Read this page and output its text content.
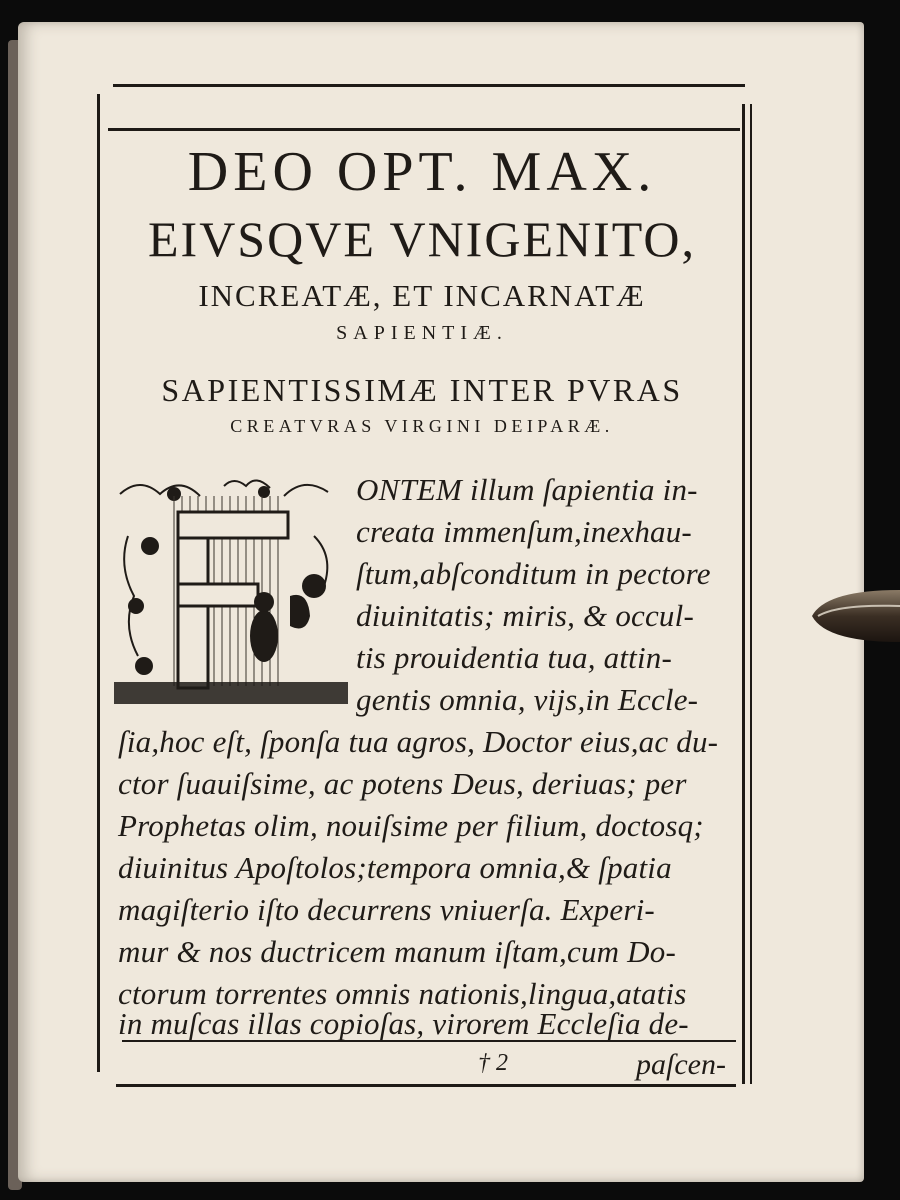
DEO OPT. MAX.
EIVSQVE VNIGENITO,
INCREATÆ, ET INCARNATÆ
SAPIENTIÆ.
SAPIENTISSIMÆ INTER PVRAS
CREATVRAS VIRGINI DEIPARÆ.
ONTEM illum ſapientia in-
creata immenſum,inexhau-
ſtum,abſconditum in pectore
diuinitatis; miris, & occul-
tis prouidentia tua, attin-
gentis omnia, vijs,in Eccle-
ſia,hoc eſt, ſponſa tua agros, Doctor eius,ac du-
ctor ſuauiſsime, ac potens Deus, deriuas; per
Prophetas olim, nouiſsime per filium, doctosq;
diuinitus Apoſtolos;tempora omnia,& ſpatia
magiſterio iſto decurrens vniuerſa. Experi-
mur & nos ductricem manum iſtam,cum Do-
ctorum torrentes omnis nationis,lingua,atatis
in muſcas illas copioſas, virorem Eccleſia de-
† 2	paſcen-
